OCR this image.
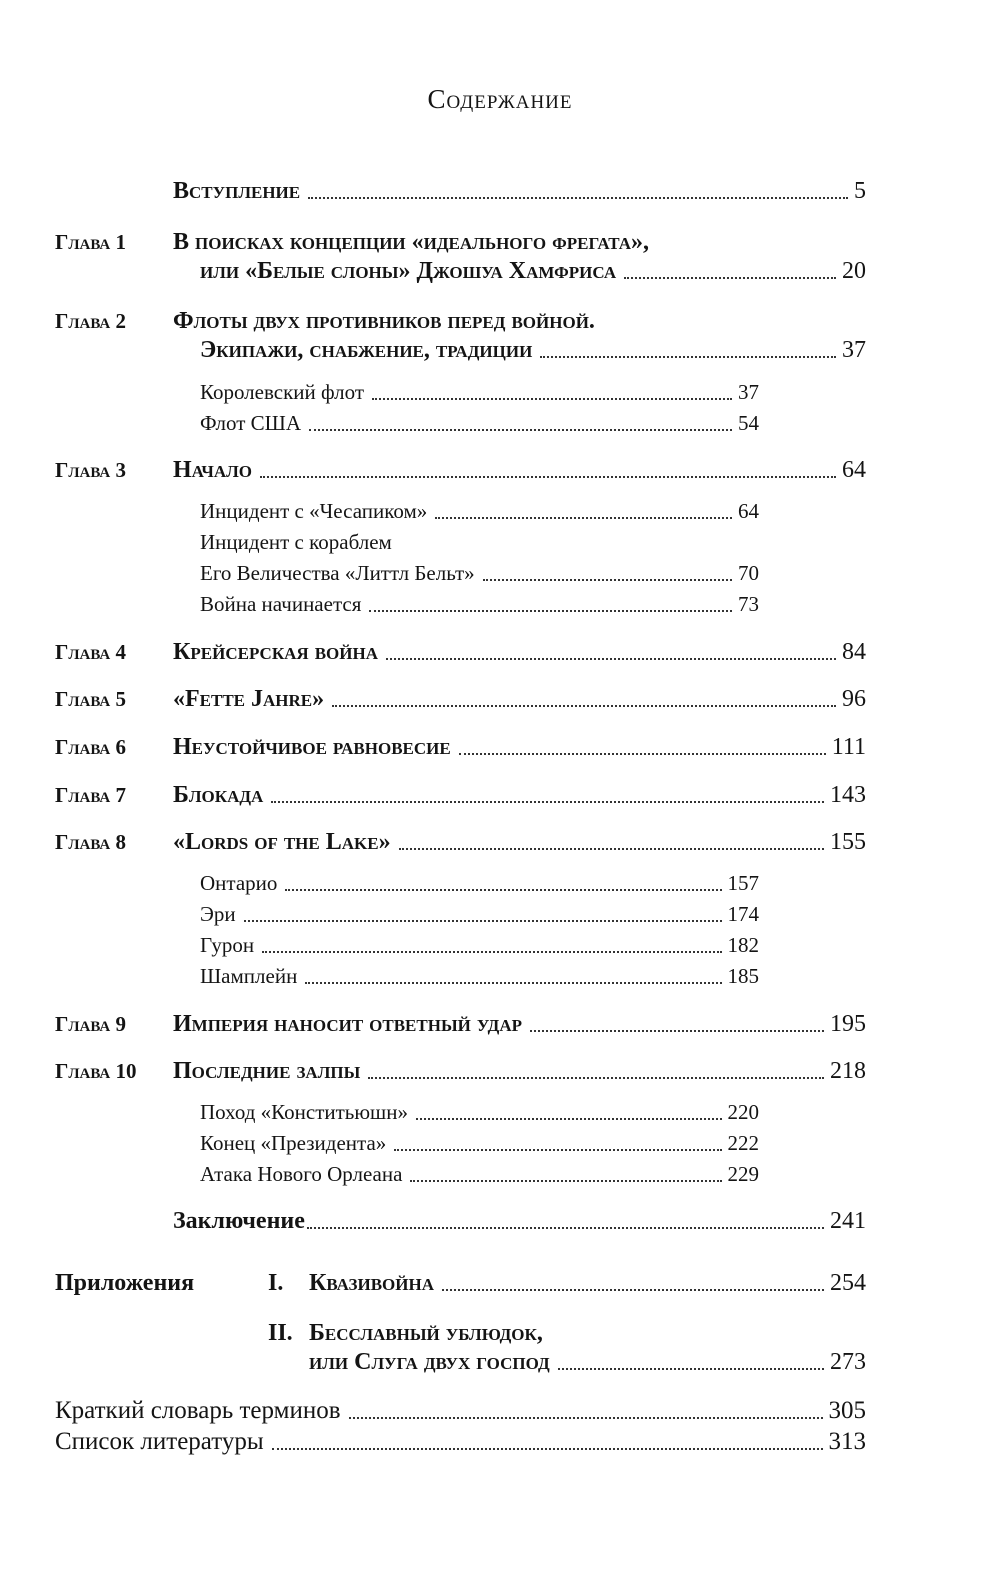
Содержание
Вступление	5
Глава 1 В поисках концепции «идеального фрегата»,
или «Белые слоны» Джошуа Хамфриса	20
Глава 2 Флоты двух противников перед войной.
Экипажи, снабжение, традиции	37
Королевский флот	37
Флот США	54
Глава 3 Начало	64
Инцидент с «Чесапиком»	64
Инцидент с кораблем
Его Величества «Литтл Бельт»	70
Война начинается	73
Глава 4 Крейсерская война	84
Глава 5 «Fette Jahre»	96
Глава 6 Неустойчивое равновесие	111
Глава 7 Блокада	143
Глава 8 «Lords of the Lake»	155
Онтарио	157
Эри	174
Гурон	182
Шамплейн	185
Глава 9 Империя наносит ответный удар	195
Глава 10 Последние залпы	218
Поход «Конститьюшн»	220
Конец «Президента»	222
Атака Нового Орлеана	229
Заключение	241
Приложения	I. Квазивойна	254
II. Бесславный ублюдок,
или Слуга двух господ	273
Краткий словарь терминов	305
Список литературы	313
